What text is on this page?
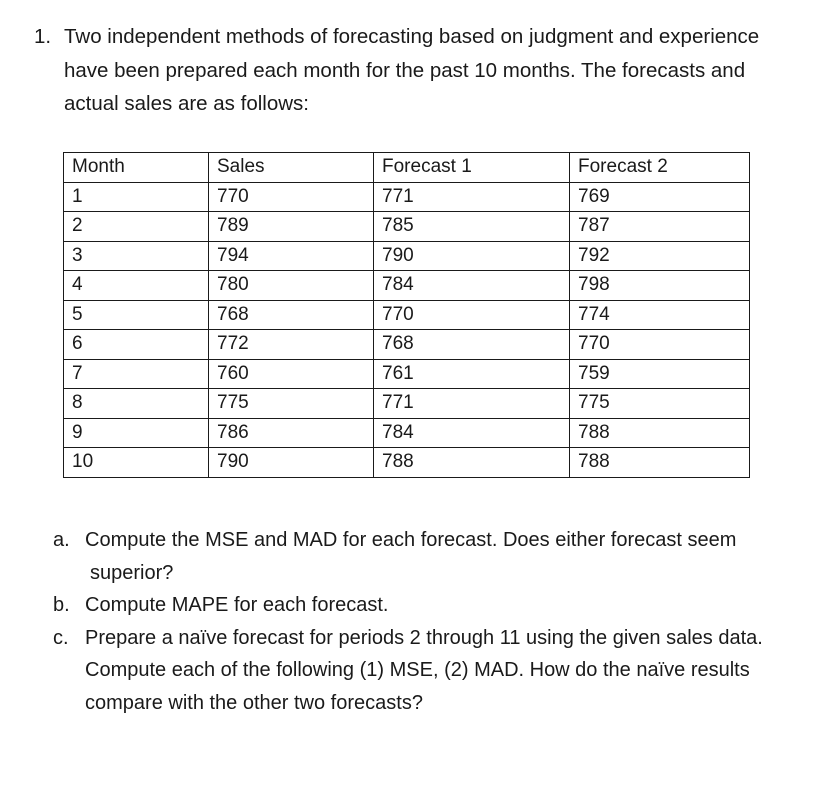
1. Two independent methods of forecasting based on judgment and experience have been prepared each month for the past 10 months. The forecasts and actual sales are as follows:
Month	Sales	Forecast 1	Forecast 2
1	770	771	769
2	789	785	787
3	794	790	792
4	780	784	798
5	768	770	774
6	772	768	770
7	760	761	759
8	775	771	775
9	786	784	788
10	790	788	788
a. Compute the MSE and MAD for each forecast. Does either forecast seem
superior?
b. Compute MAPE for each forecast.
c. Prepare a naïve forecast for periods 2 through 11 using the given sales data. Compute each of the following (1) MSE, (2) MAD. How do the naïve results compare with the other two forecasts?
